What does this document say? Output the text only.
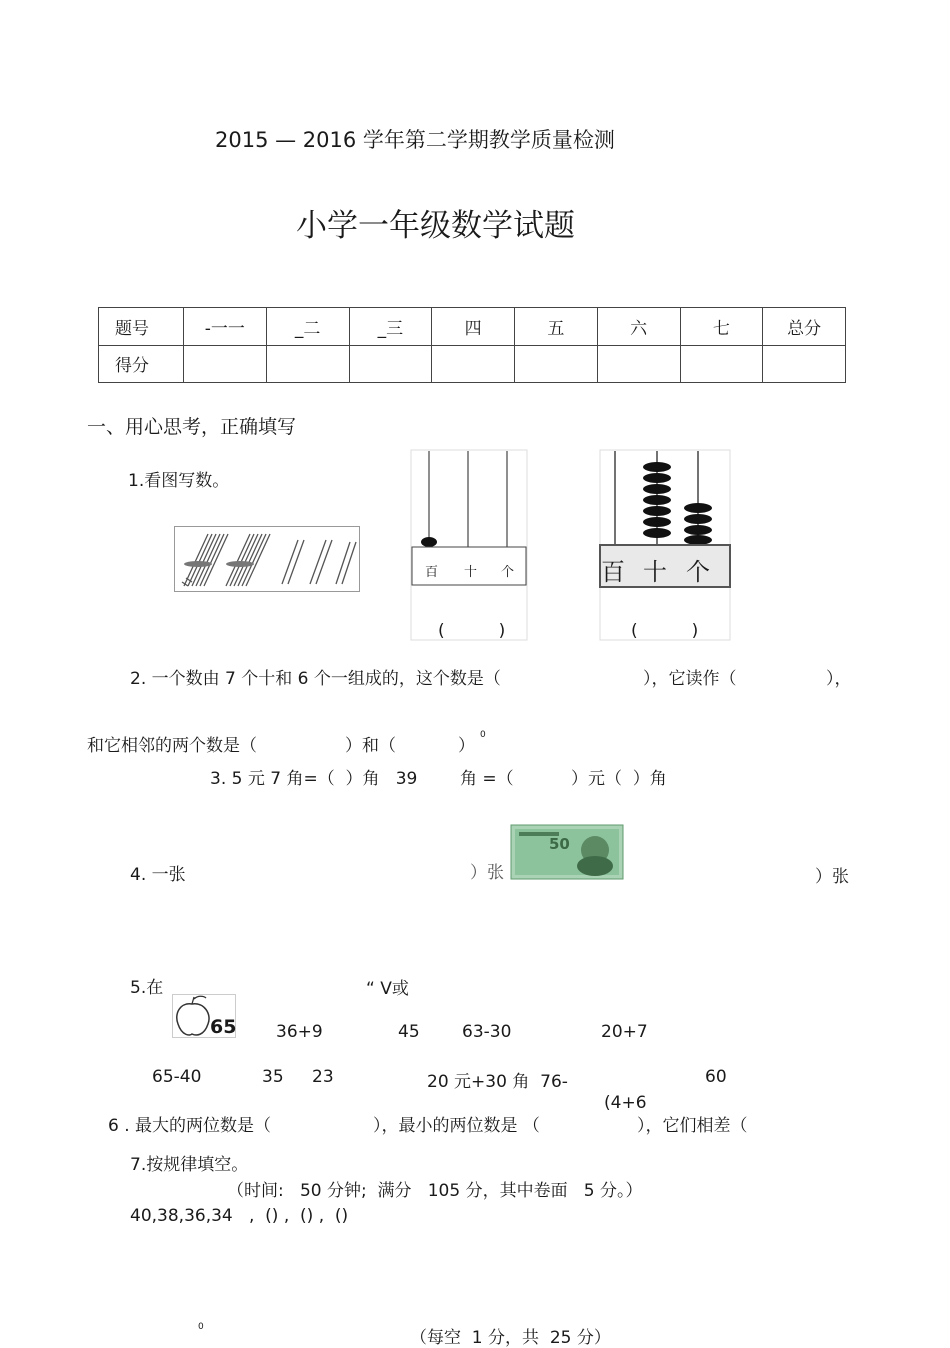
2015 — 2016 学年第二学期教学质量检测
小学一年级数学试题
题号	-一一	_二	_三	四	五	六	七	总分
得分								
一、用心思考，正确填写
1.看图写数。
百 十 个
(          )
百 十 个
(          )
2. 一个数由 7 个十和 6 个一组成的，这个数是（	），它读作（	），
和它相邻的两个数是（	）和（	）
0
3. 5 元 7 角=（  ）角   39	角 =（	）元（  ）角
4. 一张	）张
50
）张
5.在	“ V或
65 36+9	45 63-30	20+7
65-40	35 23	20 元+30 角  76-	60
(4+6
6 . 最大的两位数是（	），最小的两位数是 （	），它们相差（
7.按规律填空。
（时间:   50 分钟;  满分   105 分，其中卷面   5 分。）
40,38,36,34   ,  () ,  () ,  ()
0
（每空  1 分，共  25 分）
